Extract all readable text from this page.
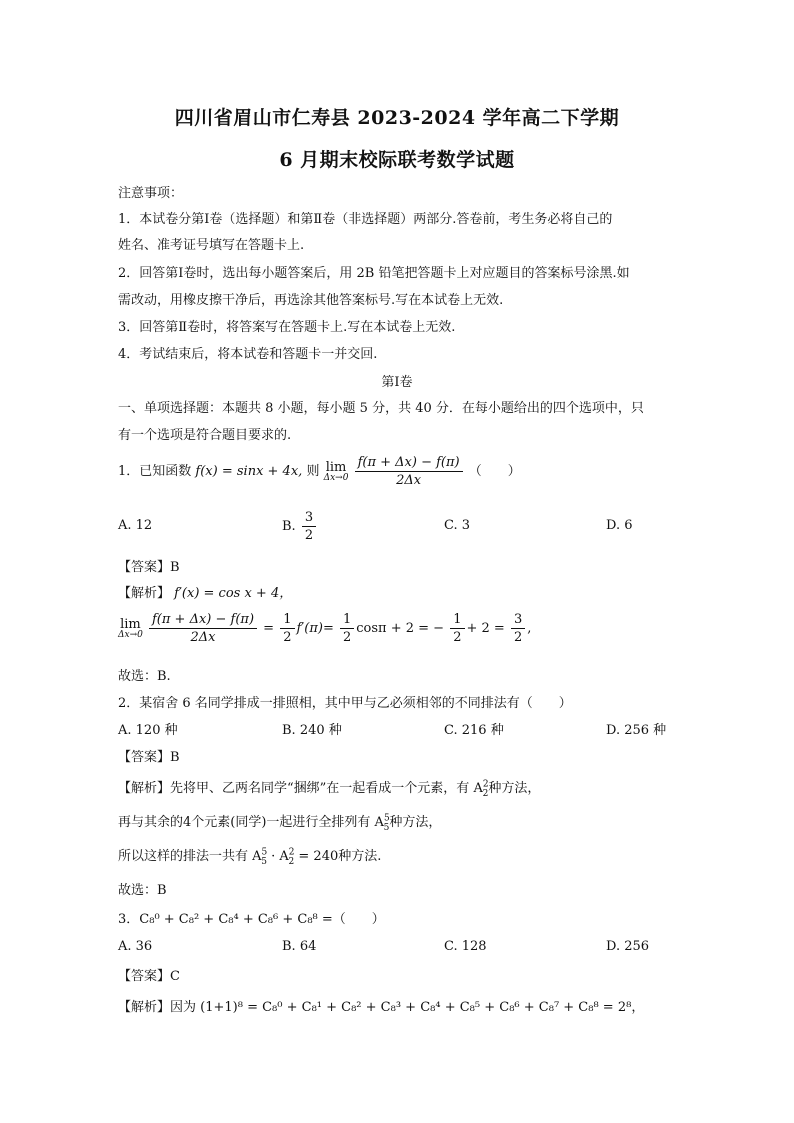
四川省眉山市仁寿县 2023-2024 学年高二下学期
6 月期末校际联考数学试题
注意事项：
1．本试卷分第Ⅰ卷（选择题）和第Ⅱ卷（非选择题）两部分.答卷前，考生务必将自己的
姓名、准考证号填写在答题卡上.
2．回答第Ⅰ卷时，选出每小题答案后，用 2B 铅笔把答题卡上对应题目的答案标号涂黑.如
需改动，用橡皮擦干净后，再选涂其他答案标号.写在本试卷上无效.
3．回答第Ⅱ卷时，将答案写在答题卡上.写在本试卷上无效.
4．考试结束后，将本试卷和答题卡一并交回.
第Ⅰ卷
一、单项选择题：本题共 8 小题，每小题 5 分，共 40 分．在每小题给出的四个选项中，只
有一个选项是符合题目要求的.
1．已知函数 f(x) = sinx + 4x, 则 lim
Δx→0
$\frac{f(\pi + \Delta x) - f(\pi)}{2\Delta x}$ （　　）
A. 12	B. $\frac{3}{2}$	C. 3	D. 6
【答案】B
【解析】 f′(x) = cos x + 4，
lim
Δx→0
$\frac{f(\pi + \Delta x) - f(\pi)}{2\Delta x} = \frac{1}{2} f'(\pi)= \frac{1}{2}$ cosπ + 2 = − $\frac{1}{2} + 2 = \frac{3}{2}$ ,
故选：B.
2．某宿舍 6 名同学排成一排照相，其中甲与乙必须相邻的不同排法有（　　）
A. 120 种	B. 240 种	C. 216 种	D. 256 种
【答案】B
【解析】先将甲、乙两名同学“捆绑”在一起看成一个元素，有 $A^2_2$种方法，
再与其余的4个元素(同学)一起进行全排列有 $A^5_5$种方法，
所以这样的排法一共有 $A^5_5 \cdot A^2_2 = 240$种方法.
故选：B
3．C₈⁰ + C₈² + C₈⁴ + C₈⁶ + C₈⁸ =（　　）
A. 36	B. 64	C. 128	D. 256
【答案】C
【解析】因为 (1+1)⁸ = C₈⁰ + C₈¹ + C₈² + C₈³ + C₈⁴ + C₈⁵ + C₈⁶ + C₈⁷ + C₈⁸ = 2⁸，
